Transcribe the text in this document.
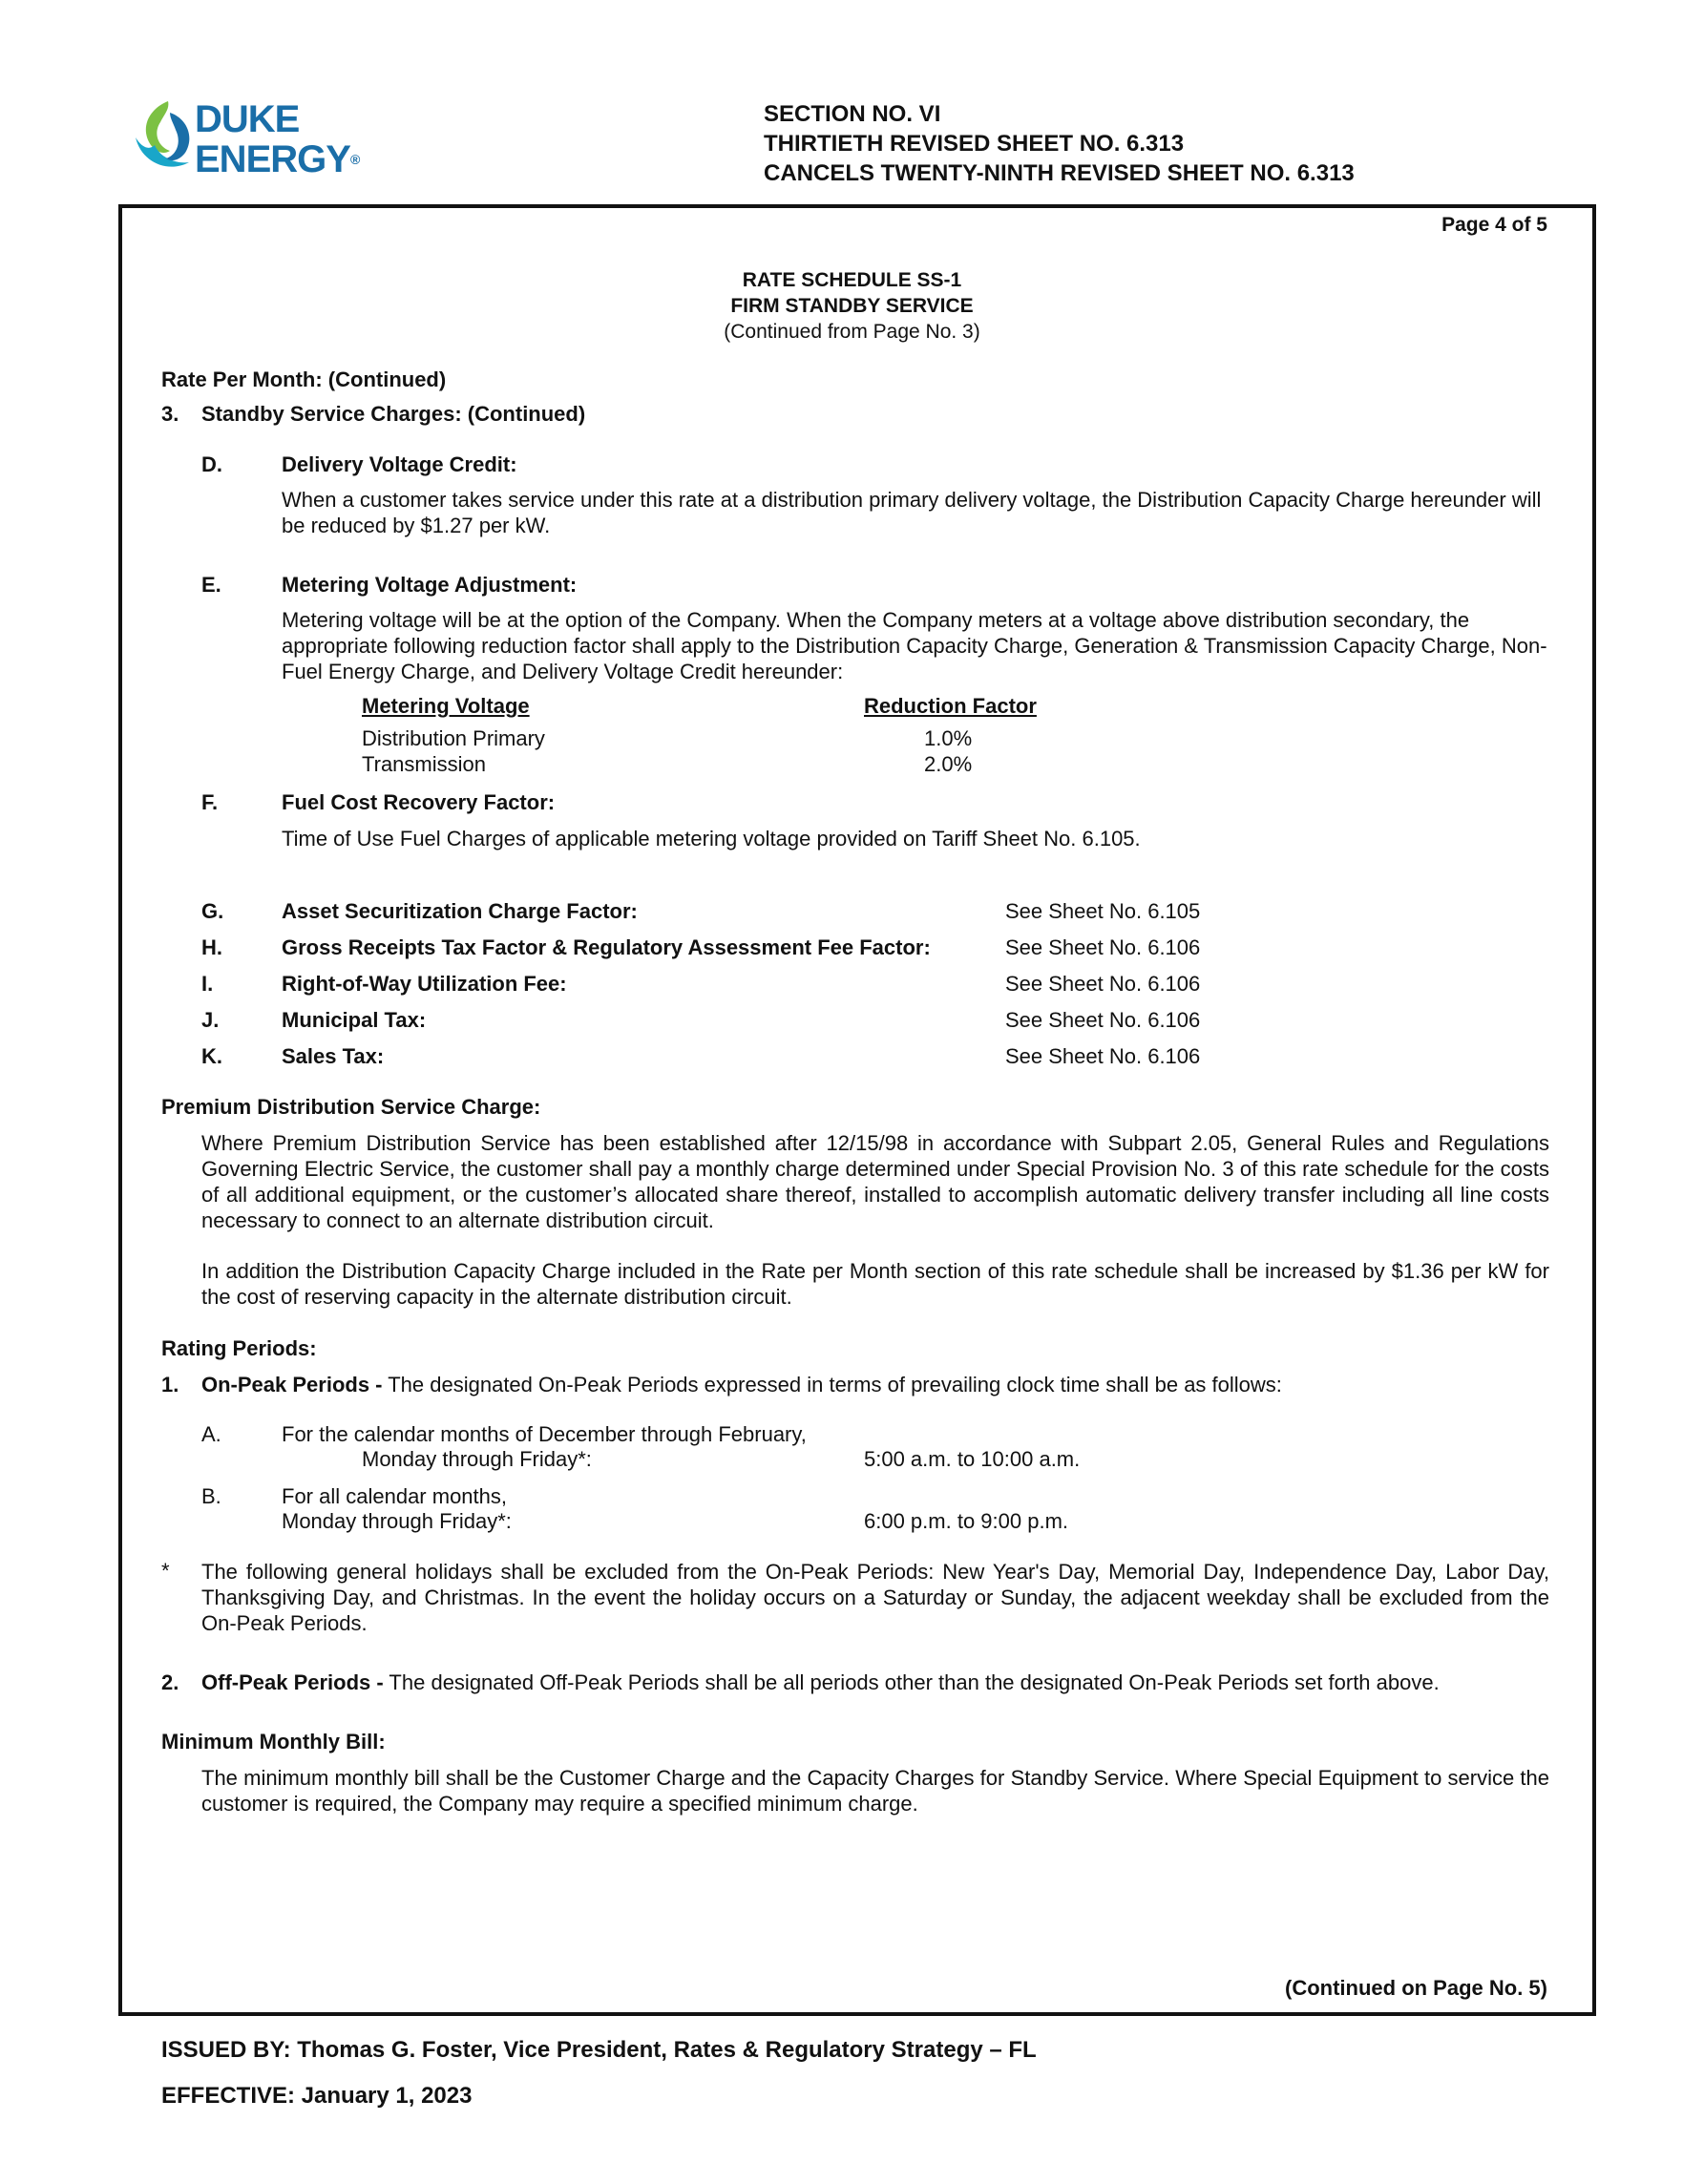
DUKE
ENERGY®
SECTION NO. VI
THIRTIETH REVISED SHEET NO. 6.313
CANCELS TWENTY-NINTH REVISED SHEET NO. 6.313
Page 4 of 5
RATE SCHEDULE SS-1
FIRM STANDBY SERVICE
(Continued from Page No. 3)
Rate Per Month: (Continued)
3. Standby Service Charges: (Continued)
D.	Delivery Voltage Credit:

When a customer takes service under this rate at a distribution primary delivery voltage, the Distribution Capacity Charge hereunder will be reduced by $1.27 per kW.

E.	Metering Voltage Adjustment:

Metering voltage will be at the option of the Company. When the Company meters at a voltage above distribution secondary, the appropriate following reduction factor shall apply to the Distribution Capacity Charge, Generation & Transmission Capacity Charge, Non-Fuel Energy Charge, and Delivery Voltage Credit hereunder:

Metering Voltage	Reduction Factor
Distribution Primary	1.0%
Transmission	2.0%
F.	Fuel Cost Recovery Factor:

Time of Use Fuel Charges of applicable metering voltage provided on Tariff Sheet No. 6.105.

G.	Asset Securitization Charge Factor:	See Sheet No. 6.105
H.	Gross Receipts Tax Factor & Regulatory Assessment Fee Factor:	See Sheet No. 6.106
I.	Right-of-Way Utilization Fee:	See Sheet No. 6.106
J.	Municipal Tax:	See Sheet No. 6.106
K.	Sales Tax:	See Sheet No. 6.106
Premium Distribution Service Charge:

Where Premium Distribution Service has been established after 12/15/98 in accordance with Subpart 2.05, General Rules and Regulations Governing Electric Service, the customer shall pay a monthly charge determined under Special Provision No. 3 of this rate schedule for the costs of all additional equipment, or the customer’s allocated share thereof, installed to accomplish automatic delivery transfer including all line costs necessary to connect to an alternate distribution circuit.

In addition the Distribution Capacity Charge included in the Rate per Month section of this rate schedule shall be increased by $1.36 per kW for the cost of reserving capacity in the alternate distribution circuit.

Rating Periods:
1. On-Peak Periods - The designated On-Peak Periods expressed in terms of prevailing clock time shall be as follows:
A.	For the calendar months of December through February,
Monday through Friday*:	5:00 a.m. to 10:00 a.m.
B.	For all calendar months,
Monday through Friday*:	6:00 p.m. to 9:00 p.m.
* The following general holidays shall be excluded from the On-Peak Periods: New Year's Day, Memorial Day, Independence Day, Labor Day, Thanksgiving Day, and Christmas. In the event the holiday occurs on a Saturday or Sunday, the adjacent weekday shall be excluded from the On-Peak Periods.

2. Off-Peak Periods - The designated Off-Peak Periods shall be all periods other than the designated On-Peak Periods set forth above.
Minimum Monthly Bill:

The minimum monthly bill shall be the Customer Charge and the Capacity Charges for Standby Service. Where Special Equipment to service the customer is required, the Company may require a specified minimum charge.

(Continued on Page No. 5)
ISSUED BY: Thomas G. Foster, Vice President, Rates & Regulatory Strategy – FL
EFFECTIVE: January 1, 2023
